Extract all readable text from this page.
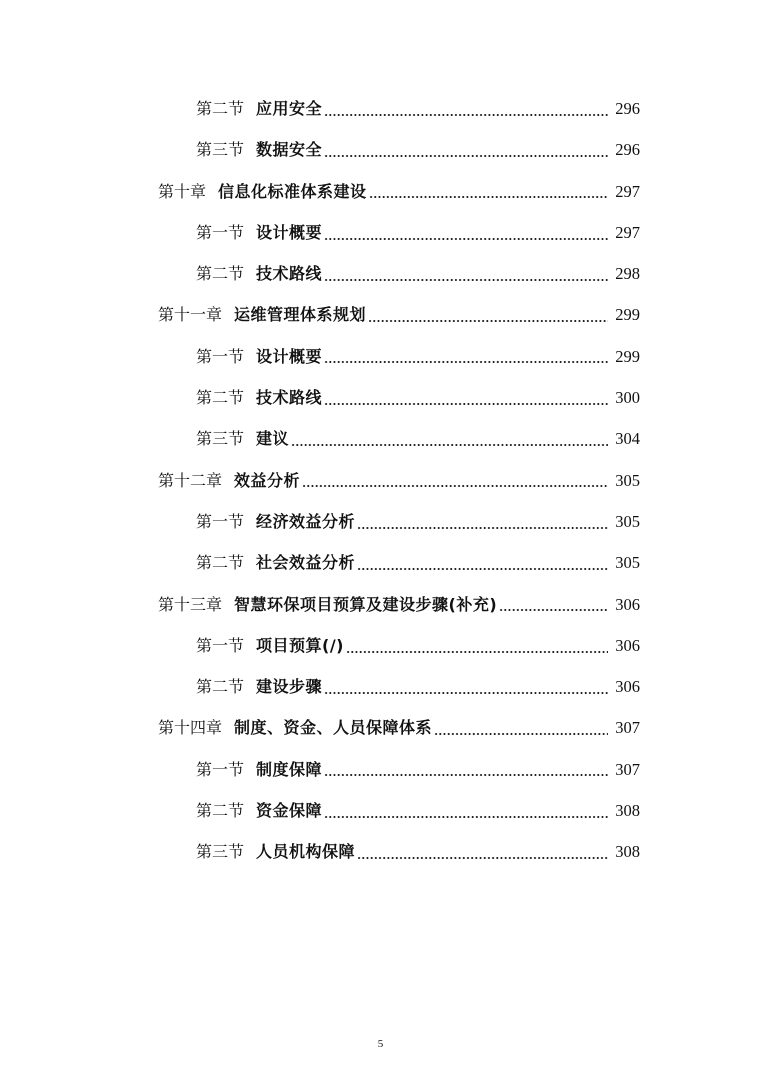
第二节 应用安全	296
第三节 数据安全	296
第十章 信息化标准体系建设	297
第一节 设计概要	297
第二节 技术路线	298
第十一章 运维管理体系规划	299
第一节 设计概要	299
第二节 技术路线	300
第三节 建议	304
第十二章 效益分析	305
第一节 经济效益分析	305
第二节 社会效益分析	305
第十三章 智慧环保项目预算及建设步骤(补充)	306
第一节 项目预算(/)	306
第二节 建设步骤	306
第十四章 制度、资金、人员保障体系	307
第一节 制度保障	307
第二节 资金保障	308
第三节 人员机构保障	308
5
